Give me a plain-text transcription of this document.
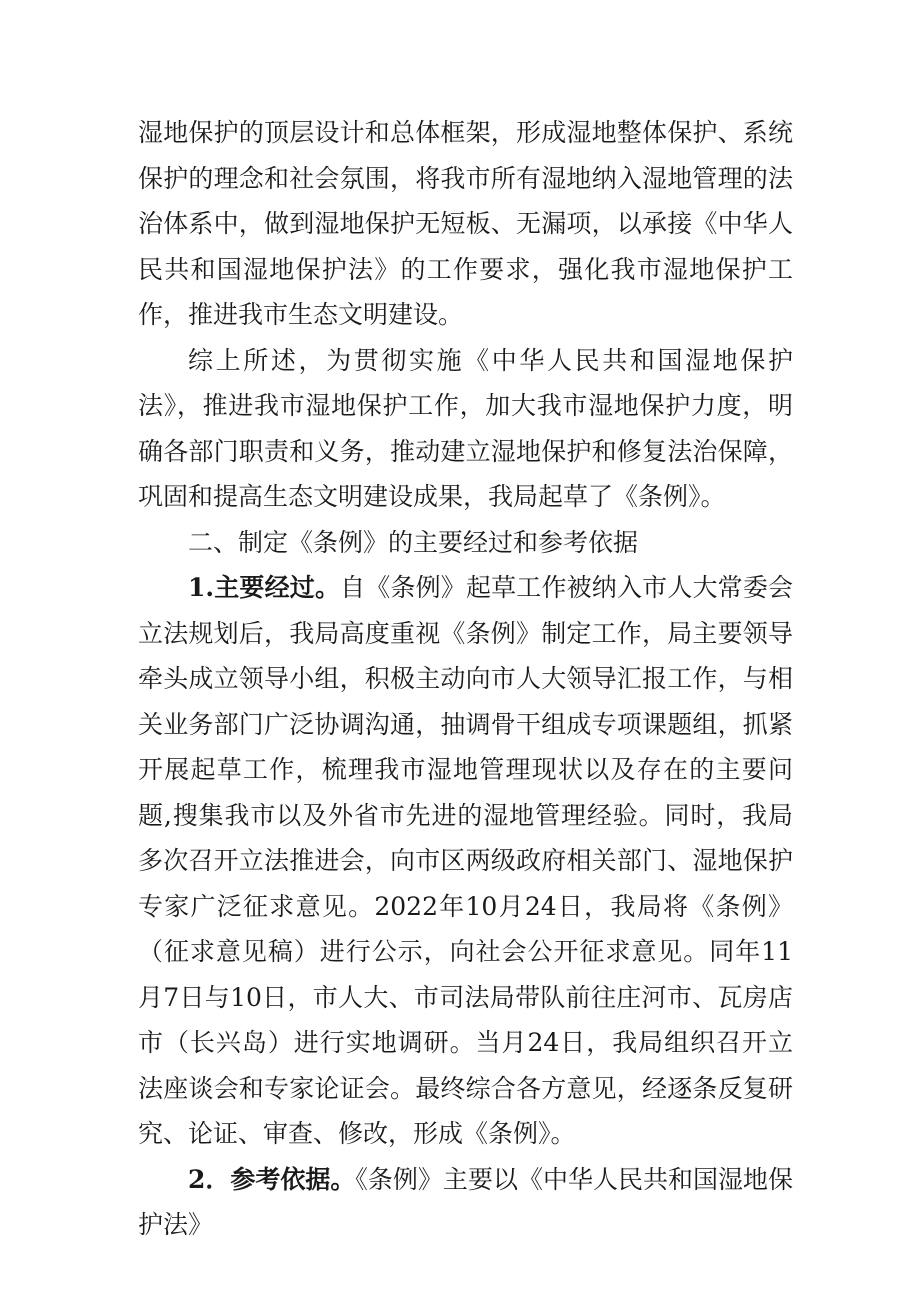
湿地保护的顶层设计和总体框架，形成湿地整体保护、系统保护的理念和社会氛围，将我市所有湿地纳入湿地管理的法治体系中，做到湿地保护无短板、无漏项，以承接《中华人民共和国湿地保护法》的工作要求，强化我市湿地保护工作，推进我市生态文明建设。

综上所述，为贯彻实施《中华人民共和国湿地保护法》，推进我市湿地保护工作，加大我市湿地保护力度，明确各部门职责和义务，推动建立湿地保护和修复法治保障，巩固和提高生态文明建设成果，我局起草了《条例》。

二、制定《条例》的主要经过和参考依据

1.主要经过。自《条例》起草工作被纳入市人大常委会立法规划后，我局高度重视《条例》制定工作，局主要领导牵头成立领导小组，积极主动向市人大领导汇报工作，与相关业务部门广泛协调沟通，抽调骨干组成专项课题组，抓紧开展起草工作，梳理我市湿地管理现状以及存在的主要问题,搜集我市以及外省市先进的湿地管理经验。同时，我局多次召开立法推进会，向市区两级政府相关部门、湿地保护专家广泛征求意见。2022年10月24日，我局将《条例》（征求意见稿）进行公示，向社会公开征求意见。同年11月7日与10日，市人大、市司法局带队前往庄河市、瓦房店市（长兴岛）进行实地调研。当月24日，我局组织召开立法座谈会和专家论证会。最终综合各方意见，经逐条反复研究、论证、审查、修改，形成《条例》。

2．参考依据。《条例》主要以《中华人民共和国湿地保护法》
